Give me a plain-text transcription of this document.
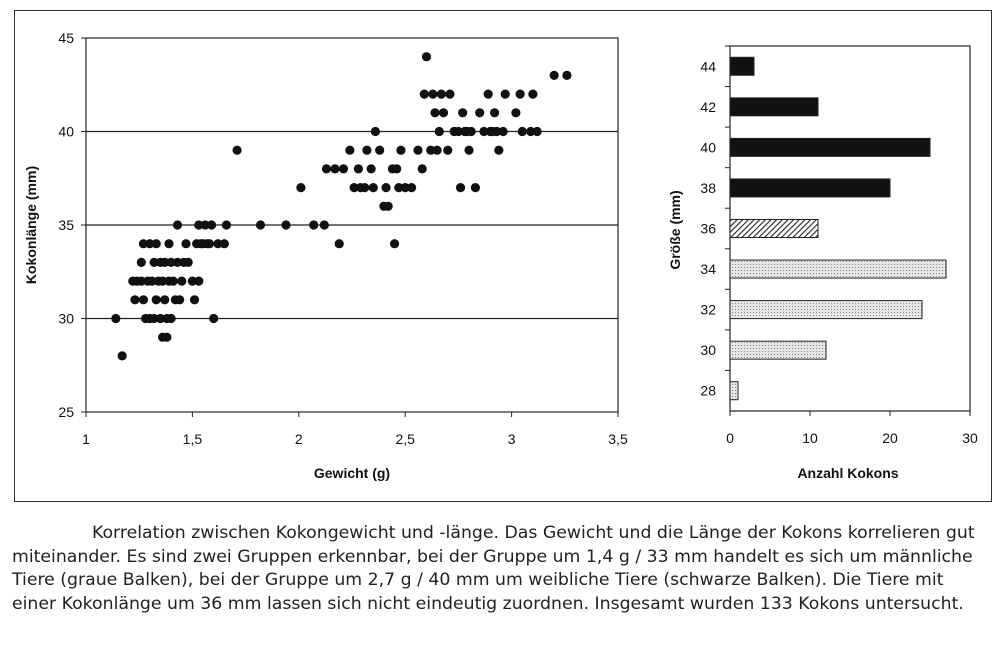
1	1,5	2	2,5	3	3,5
25
30
35
40
45
Gewicht (g)
Kokonlänge (mm)
0	10	20	30
44
42
40
38
36
34
32
30
28
Anzahl Kokons
Größe (mm)

Korrelation zwischen Kokongewicht und -länge. Das Gewicht und die Länge der Kokons korrelieren gut miteinander. Es sind zwei Gruppen erkennbar, bei der Gruppe um 1,4 g / 33 mm handelt es sich um männliche Tiere (graue Balken), bei der Gruppe um 2,7 g / 40 mm um weibliche Tiere (schwarze Balken). Die Tiere mit einer Kokonlänge um 36 mm lassen sich nicht eindeutig zuordnen. Insgesamt wurden 133 Kokons untersucht.
